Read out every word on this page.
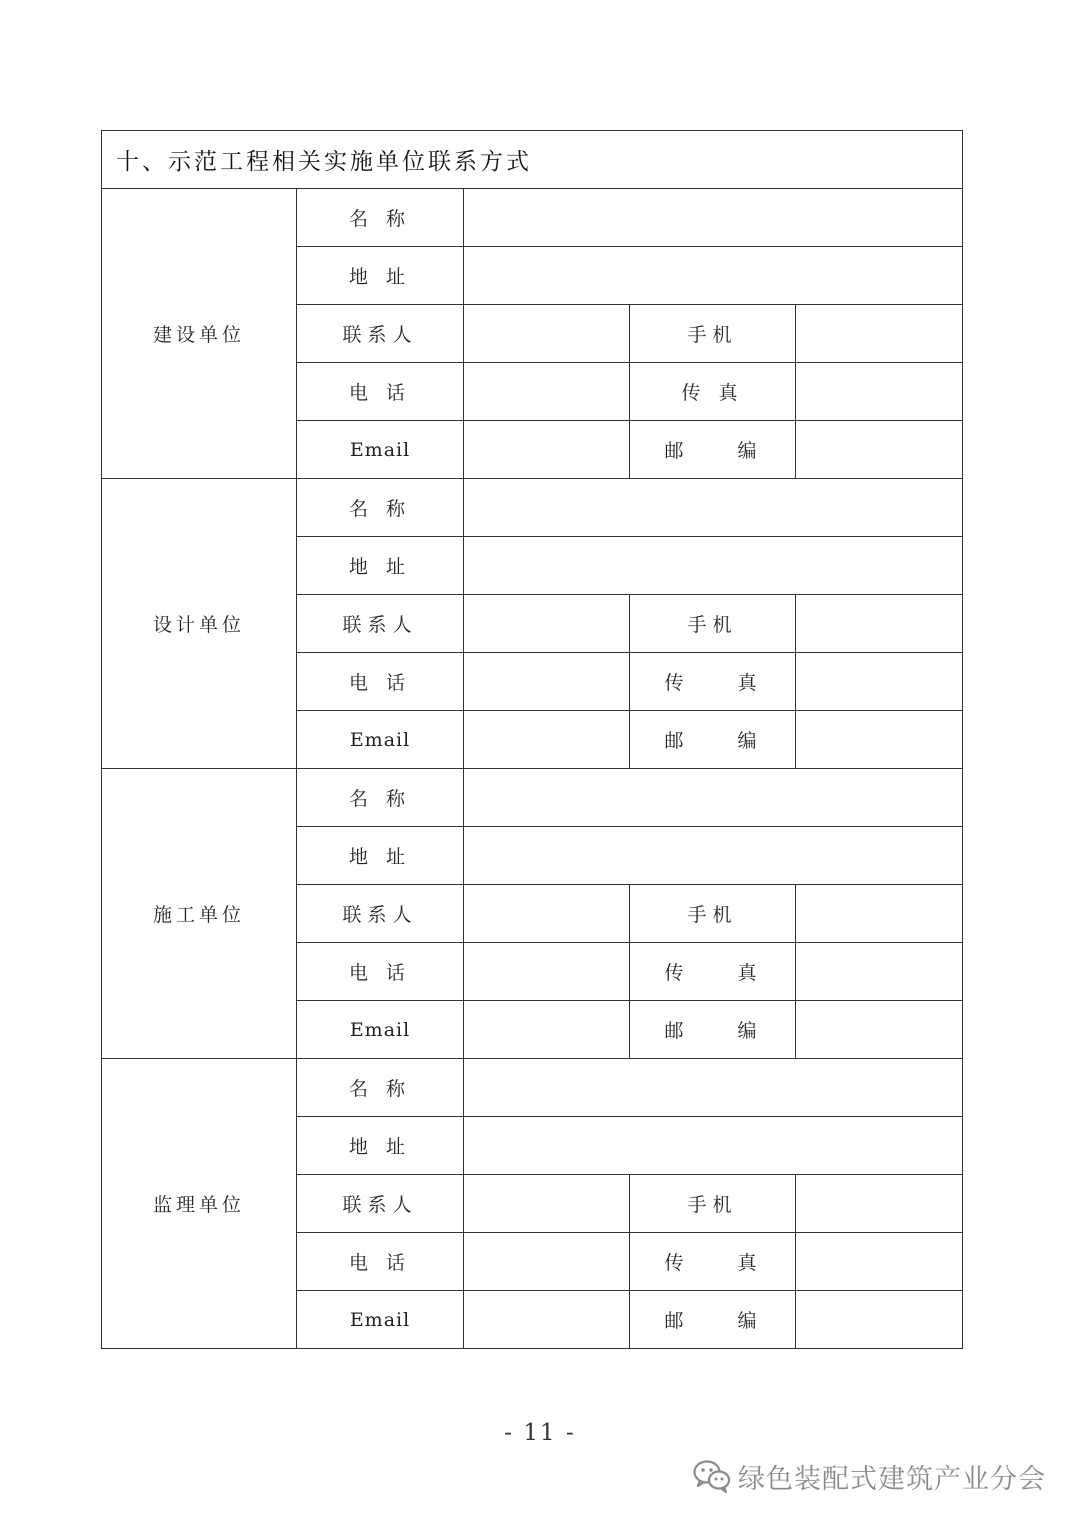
十、示范工程相关实施单位联系方式				
建设单位	名 称			
	地 址			
	联系人		手机	
	电 话		传 真	
	Email		邮 编	
设计单位	名 称			
	地 址			
	联系人		手机	
	电 话		传 真	
	Email		邮 编	
施工单位	名 称			
	地 址			
	联系人		手机	
	电 话		传 真	
	Email		邮 编	
监理单位	名 称			
	地 址			
	联系人		手机	
	电 话		传 真	
	Email		邮 编	
- 11 -
绿色装配式建筑产业分会
